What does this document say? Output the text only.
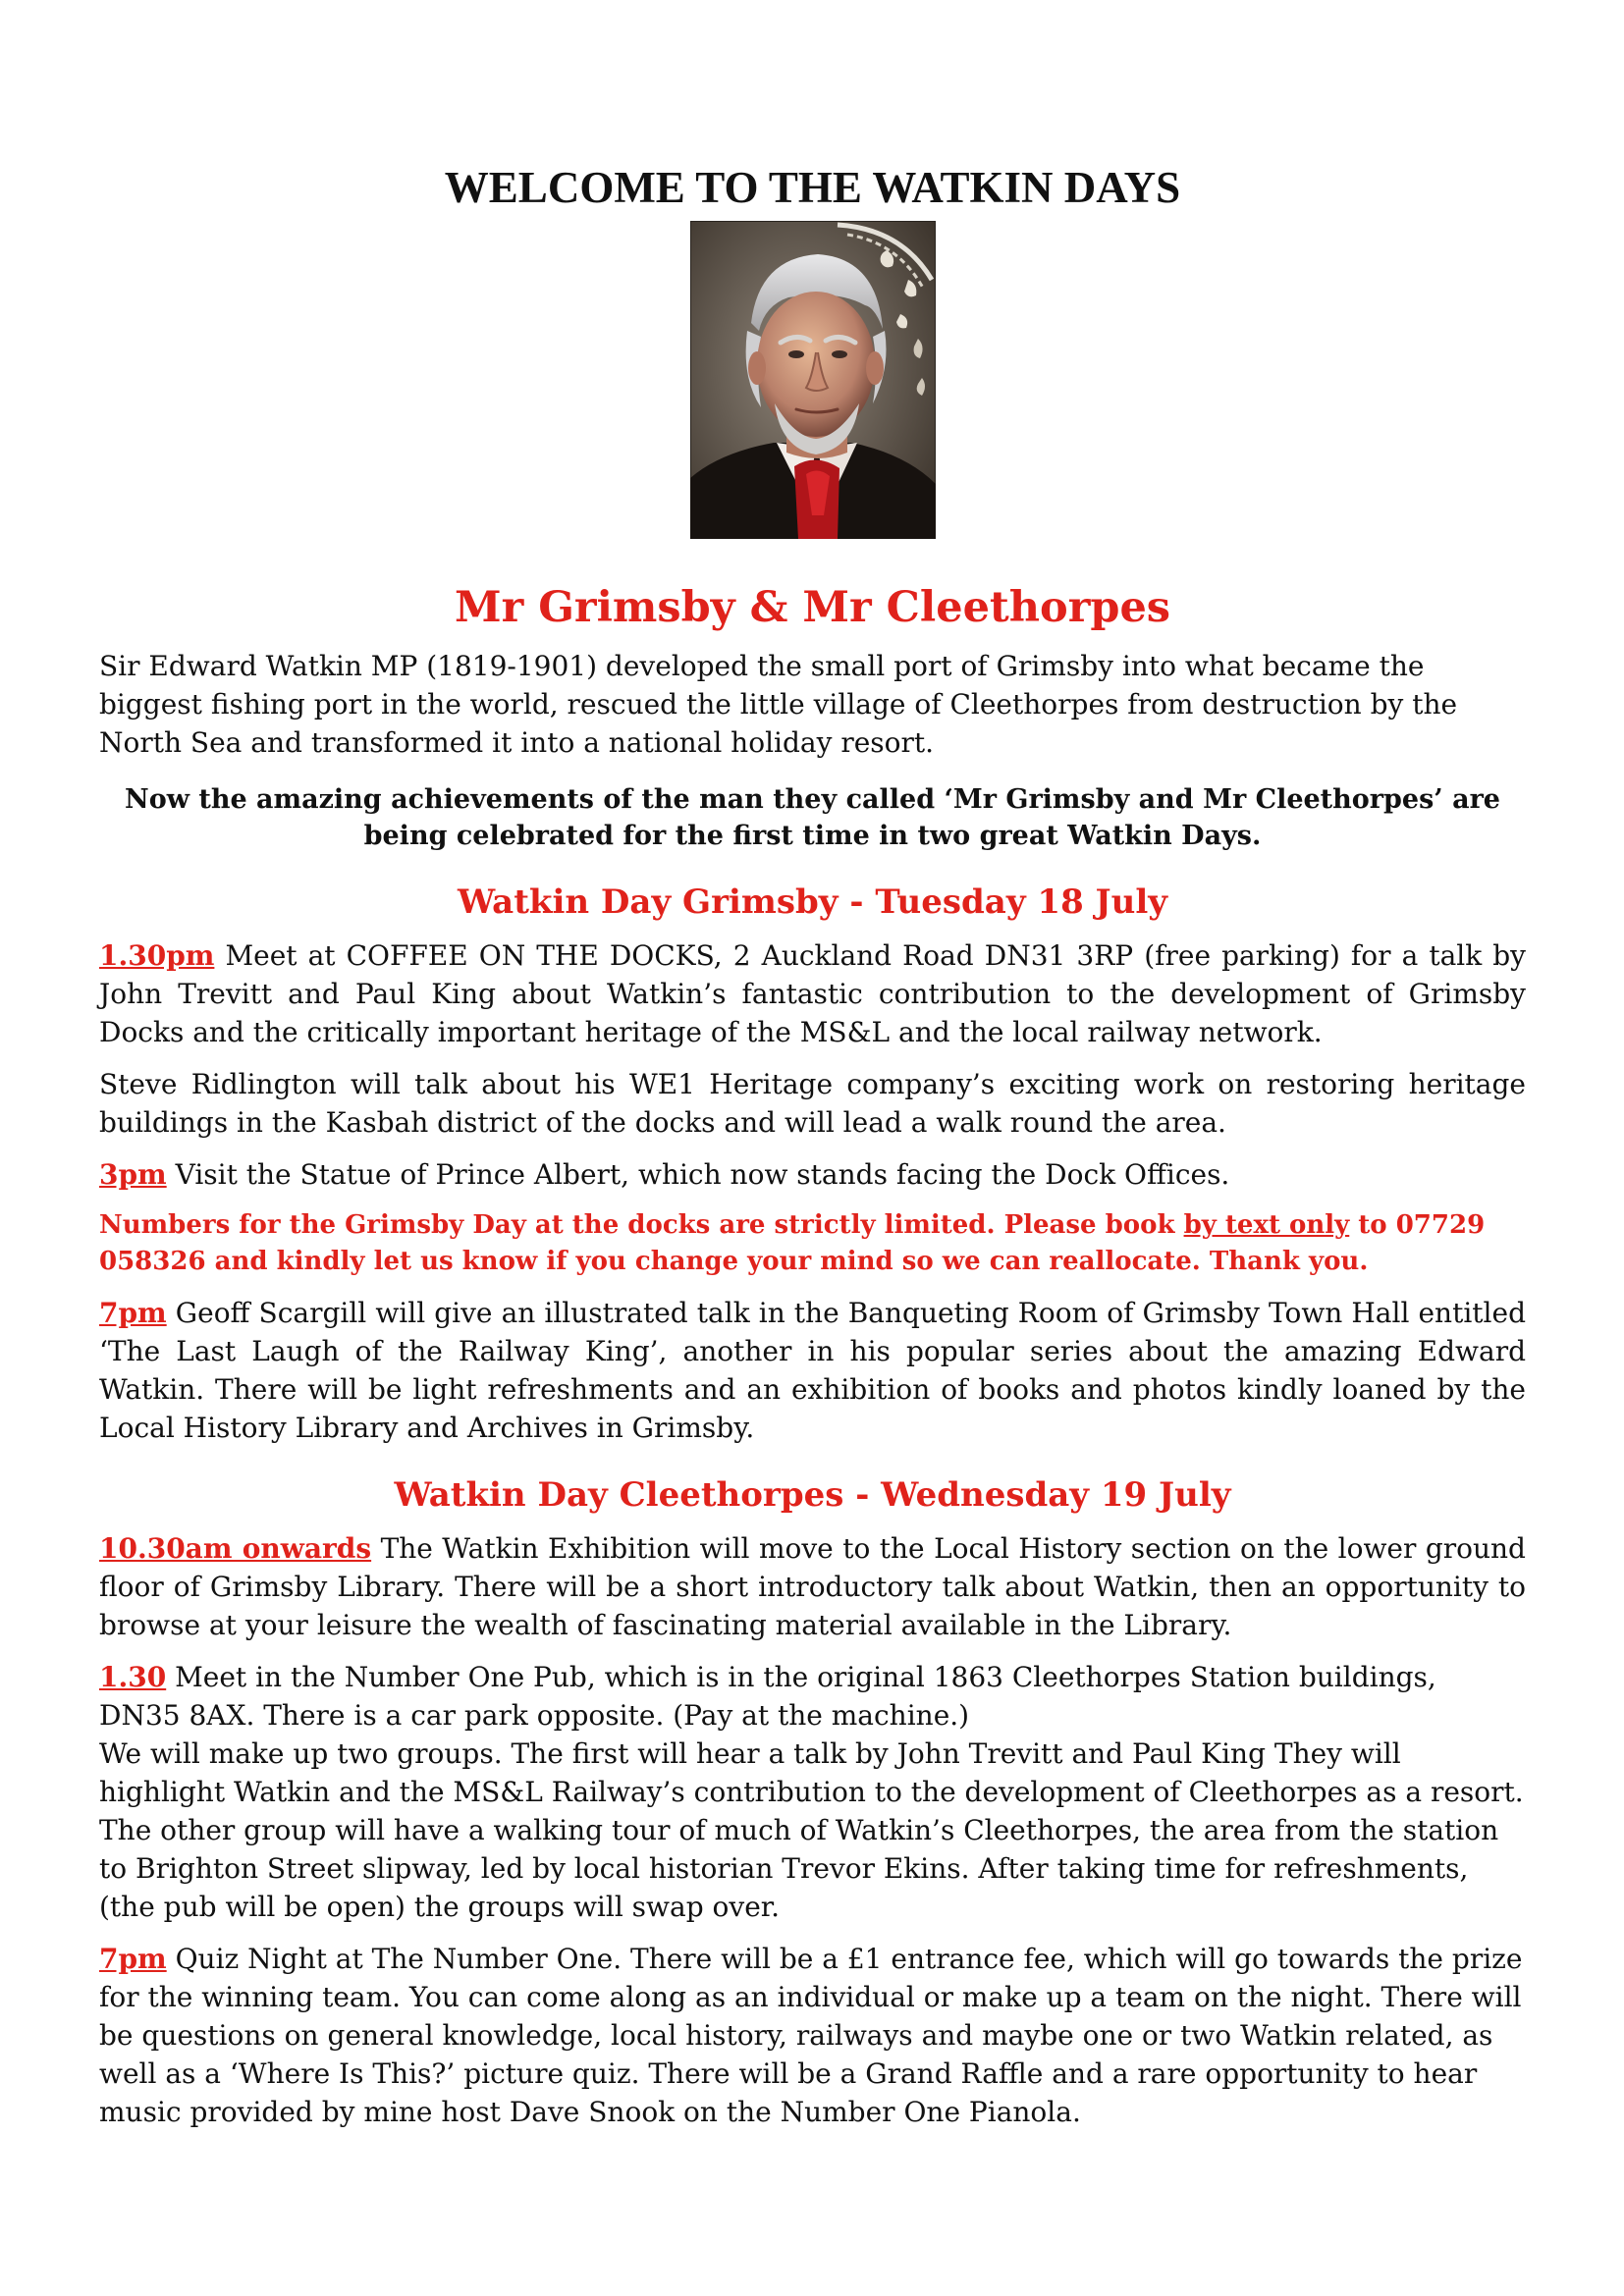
WELCOME TO THE WATKIN DAYS
Mr Grimsby & Mr Cleethorpes

Sir Edward Watkin MP (1819-1901) developed the small port of Grimsby into what became the biggest fishing port in the world, rescued the little village of Cleethorpes from destruction by the North Sea and transformed it into a national holiday resort.

Now the amazing achievements of the man they called ‘Mr Grimsby and Mr Cleethorpes’ are being celebrated for the first time in two great Watkin Days.

Watkin Day Grimsby - Tuesday 18 July

1.30pm Meet at COFFEE ON THE DOCKS, 2 Auckland Road DN31 3RP (free parking) for a talk by John Trevitt and Paul King about Watkin’s fantastic contribution to the development of Grimsby Docks and the critically important heritage of the MS&L and the local railway network.

Steve Ridlington will talk about his WE1 Heritage company’s exciting work on restoring heritage buildings in the Kasbah district of the docks and will lead a walk round the area.

3pm Visit the Statue of Prince Albert, which now stands facing the Dock Offices.

Numbers for the Grimsby Day at the docks are strictly limited. Please book by text only to 07729 058326 and kindly let us know if you change your mind so we can reallocate. Thank you.

7pm Geoff Scargill will give an illustrated talk in the Banqueting Room of Grimsby Town Hall entitled ‘The Last Laugh of the Railway King’, another in his popular series about the amazing Edward Watkin. There will be light refreshments and an exhibition of books and photos kindly loaned by the Local History Library and Archives in Grimsby.

Watkin Day Cleethorpes - Wednesday 19 July

10.30am onwards The Watkin Exhibition will move to the Local History section on the lower ground floor of Grimsby Library. There will be a short introductory talk about Watkin, then an opportunity to browse at your leisure the wealth of fascinating material available in the Library.

1.30 Meet in the Number One Pub, which is in the original 1863 Cleethorpes Station buildings, DN35 8AX. There is a car park opposite. (Pay at the machine.)

We will make up two groups. The first will hear a talk by John Trevitt and Paul King They will highlight Watkin and the MS&L Railway’s contribution to the development of Cleethorpes as a resort.

The other group will have a walking tour of much of Watkin’s Cleethorpes, the area from the station to Brighton Street slipway, led by local historian Trevor Ekins. After taking time for refreshments, (the pub will be open) the groups will swap over.

7pm Quiz Night at The Number One. There will be a £1 entrance fee, which will go towards the prize for the winning team. You can come along as an individual or make up a team on the night. There will be questions on general knowledge, local history, railways and maybe one or two Watkin related, as well as a ‘Where Is This?’ picture quiz. There will be a Grand Raffle and a rare opportunity to hear music provided by mine host Dave Snook on the Number One Pianola.
